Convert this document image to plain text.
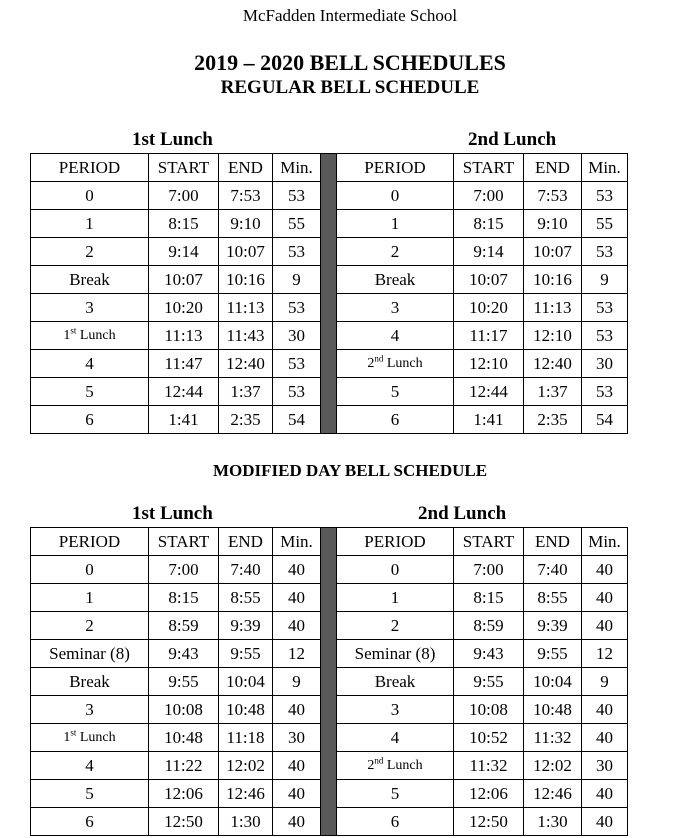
McFadden Intermediate School
2019 – 2020 BELL SCHEDULES
REGULAR BELL SCHEDULE
1st Lunch	2nd Lunch
PERIOD	START	END	Min.		PERIOD	START	END	Min.
0	7:00	7:53	53		0	7:00	7:53	53
1	8:15	9:10	55		1	8:15	9:10	55
2	9:14	10:07	53		2	9:14	10:07	53
Break	10:07	10:16	9		Break	10:07	10:16	9
3	10:20	11:13	53		3	10:20	11:13	53
1st Lunch	11:13	11:43	30		4	11:17	12:10	53
4	11:47	12:40	53		2nd Lunch	12:10	12:40	30
5	12:44	1:37	53		5	12:44	1:37	53
6	1:41	2:35	54		6	1:41	2:35	54
MODIFIED DAY BELL SCHEDULE
1st Lunch	2nd Lunch
PERIOD	START	END	Min.		PERIOD	START	END	Min.
0	7:00	7:40	40		0	7:00	7:40	40
1	8:15	8:55	40		1	8:15	8:55	40
2	8:59	9:39	40		2	8:59	9:39	40
Seminar (8)	9:43	9:55	12		Seminar (8)	9:43	9:55	12
Break	9:55	10:04	9		Break	9:55	10:04	9
3	10:08	10:48	40		3	10:08	10:48	40
1st Lunch	10:48	11:18	30		4	10:52	11:32	40
4	11:22	12:02	40		2nd Lunch	11:32	12:02	30
5	12:06	12:46	40		5	12:06	12:46	40
6	12:50	1:30	40		6	12:50	1:30	40
